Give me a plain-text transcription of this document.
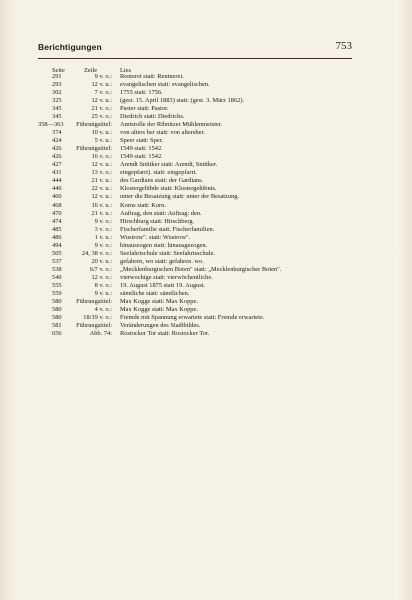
Berichtigungen	753
Seite	Zeile	Lies
291	9 v. o.: Renterei statt: Rentnerei.
293	12 v. u.: evangelischen statt: evangelischen.
302	7 v. o.: 1755 statt: 1756.
325	12 v. u.: (gest. 15. April 1883) statt: (gest. 3. März 1862).
345	21 v. o.: Paster statt: Pastor.
345	25 v. o.: Diedrich statt: Diedrichs.
358—363 Führungstitel: Amtsrolle der Ribnitzer Mühlenmeister.
374	10 v. u.: von alters her statt: von altersher.
424	5 v. u.: Speer statt: Sper.
426 Führungstitel: 1549 statt: 1542.
426	16 v. o.: 1549 statt: 1542.
427	12 v. u.: Arendt Snittker statt: Arendt, Snittker.
431	13 v. o.: eingepfarrt). statt: eingepfarrt.
444	21 v. u.: des Gardians statt: der Gardians.
446	22 v. u.: Klostergelübde statt: Klostergelübnis.
460	12 v. u.: unter die Besatzung statt: unter der Besatzung.
468	16 v. u.: Korns statt: Korn.
470	21 v. u.: Auftrag, den statt: Auftrag: den.
474	9 v. o.: Hirschburg statt: Hirschberg.
485	3 v. o.: Fischerfamilie statt: Fischerfamilien.
486	1 v. u.: Wustrow". statt: Wustrow".
494	9 v. o.: hinauszogen statt: hinausgezogen.
505	24, 38 v. o.: Seefahrtschule statt: Seefahrtsschule.
537	20 v. u.: gefahren, wo statt: gefahren. wo.
538	6/7 v. o.: „Mecklenburgischen Boten" statt: „Mecklenburgischer Boten".
540	12 v. o.: vierwochige statt: vierwöchentliche.
555	8 v. o.: 19. August 1875 statt 19. August.
559	9 v. u.: sämtliche statt: sämtlichen.
580 Führungstitel: Max Kogge statt: Max Koppe.
580	4 v. o.: Max Kogge statt: Max Koppe.
580	18/19 v. o.: Fremde mit Spannung erwartete statt: Fremde erwartete.
581 Führungstitel: Veränderungen des Stadtbildes.
656	Abb. 74: Rostocker Tor statt: Rostocker Tor.
